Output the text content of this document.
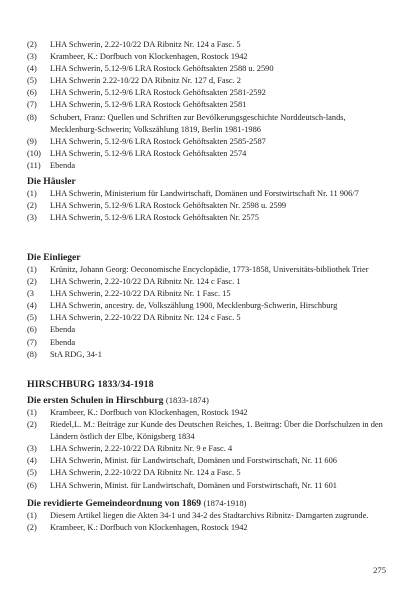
(2) LHA Schwerin, 2.22-10/22 DA Ribnitz Nr. 124 a Fasc. 5
(3) Krambeer, K.: Dorfbuch von Klockenhagen, Rostock 1942
(4) LHA Schwerin, 5.12-9/6 LRA Rostock Gehöftsakten 2588 u. 2590
(5) LHA Schwerin 2.22-10/22 DA Ribnitz Nr. 127 d, Fasc. 2
(6) LHA Schwerin, 5.12-9/6 LRA Rostock Gehöftsakten 2581-2592
(7) LHA Schwerin, 5.12-9/6 LRA Rostock Gehöftsakten 2581
(8) Schubert, Franz: Quellen und Schriften zur Bevölkerungsgeschichte Norddeutsch-lands, Mecklenburg-Schwerin; Volkszählung 1819, Berlin 1981-1986
(9) LHA Schwerin, 5.12-9/6 LRA Rostock Gehöftsakten 2585-2587
(10) LHA Schwerin, 5.12-9/6 LRA Rostock Gehöftsakten 2574
(11) Ebenda
Die Häusler
(1) LHA Schwerin, Ministerium für Landwirtschaft, Domänen und Forstwirtschaft Nr. 11 906/7
(2) LHA Schwerin, 5.12-9/6 LRA Rostock Gehöftsakten Nr. 2598 u. 2599
(3) LHA Schwerin, 5.12-9/6 LRA Rostock Gehöftsakten Nr. 2575
Die Einlieger
(1) Krünitz, Johann Georg: Oeconomische Encyclopädie, 1773-1858, Universitäts-bibliothek Trier
(2) LHA Schwerin, 2.22-10/22 DA Ribnitz Nr. 124 c Fasc. 1
(3 LHA Schwerin, 2.22-10/22 DA Ribnitz Nr. 1 Fasc. 15
(4) LHA Schwerin, ancestry. de, Volkszählung 1900, Mecklenburg-Schwerin, Hirschburg
(5) LHA Schwerin, 2.22-10/22 DA Ribnitz Nr. 124 c Fasc. 5
(6) Ebenda
(7) Ebenda
(8) StA RDG, 34-1
HIRSCHBURG 1833/34-1918
Die ersten Schulen in Hirschburg (1833-1874)
(1) Krambeer, K.: Dorfbuch von Klockenhagen, Rostock 1942
(2) Riedel,L. M.: Beiträge zur Kunde des Deutschen Reiches, 1. Beitrag: Über die Dorfschulzen in den Ländern östlich der Elbe, Königsberg 1834
(3) LHA Schwerin, 2.22-10/22 DA Ribnitz Nr. 9 e Fasc. 4
(4) LHA Schwerin, Minist. für Landwirtschaft, Domänen und Forstwirtschaft, Nr. 11 606
(5) LHA Schwerin, 2.22-10/22 DA Ribnitz Nr. 124 a Fasc. 5
(6) LHA Schwerin, Minist. für Landwirtschaft, Domänen und Forstwirtschaft, Nr. 11 601
Die revidierte Gemeindeordnung von 1869 (1874-1918)
(1) Diesem Artikel liegen die Akten 34-1 und 34-2 des Stadtarchivs Ribnitz- Damgarten zugrunde.
(2) Krambeer, K.: Dorfbuch von Klockenhagen, Rostock 1942
275
